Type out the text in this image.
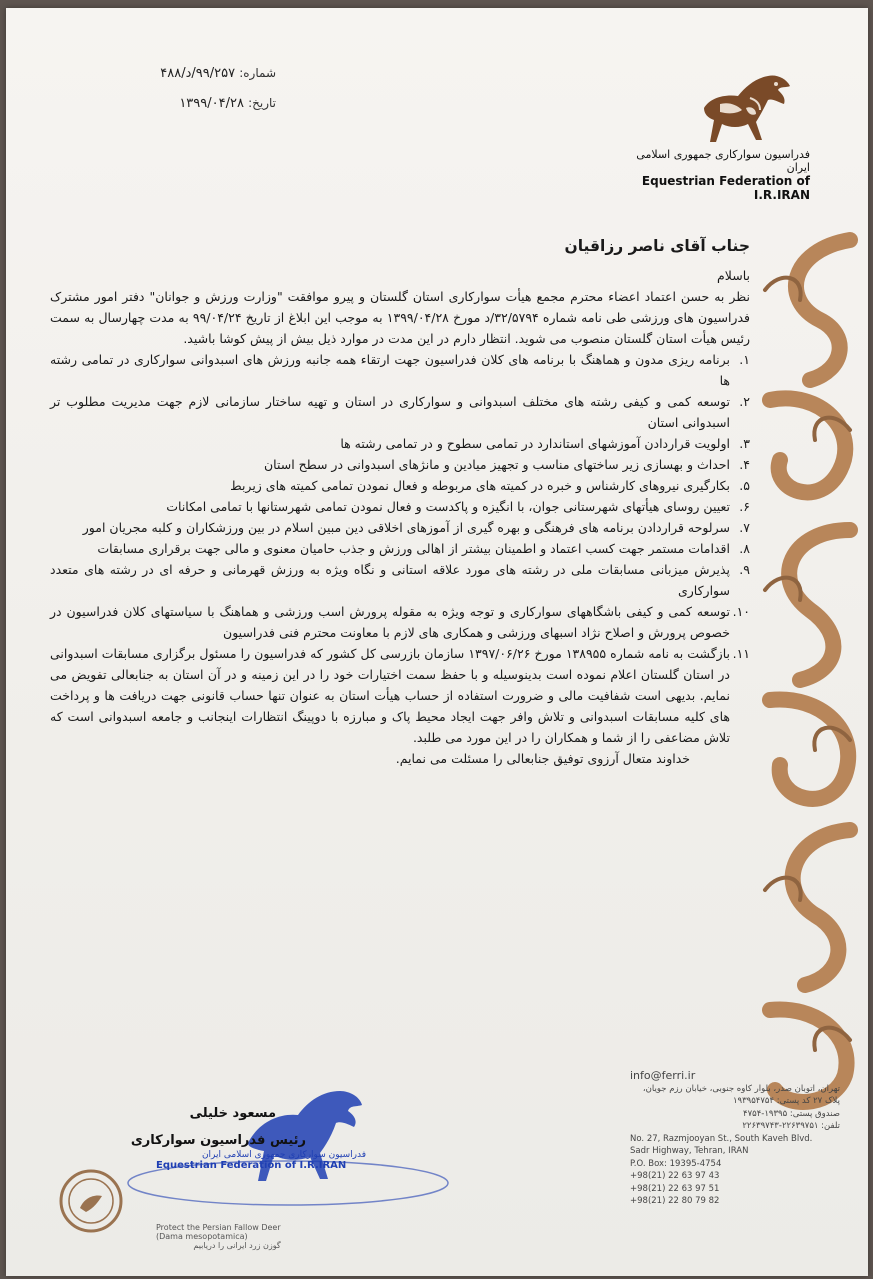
شماره: ۹۹/۲۵۷/د/۴۸۸
تاریخ: ۱۳۹۹/۰۴/۲۸
فدراسیون سوارکاری جمهوری اسلامی ایران
Equestrian Federation of I.R.IRAN
جناب آقای ناصر رزاقیان
باسلام
نظر به حسن اعتماد اعضاء محترم مجمع هیأت سوارکاری استان گلستان و پیرو موافقت "وزارت ورزش و جوانان" دفتر امور مشترک فدراسیون های ورزشی طی نامه شماره ۳۲/۵۷۹۴/د مورخ ۱۳۹۹/۰۴/۲۸ به موجب این ابلاغ از تاریخ ۹۹/۰۴/۲۴ به مدت چهارسال به سمت رئیس هیأت استان گلستان منصوب می شوید. انتظار دارم در این مدت در موارد ذیل بیش از پیش کوشا باشید.
۱.
برنامه ریزی مدون و هماهنگ با برنامه های کلان فدراسیون جهت ارتقاء همه جانبه ورزش های اسبدوانی سوارکاری در تمامی رشته ها
۲.
توسعه کمی و کیفی رشته های مختلف اسبدوانی و سوارکاری در استان و تهیه ساختار سازمانی لازم جهت مدیریت مطلوب تر اسبدوانی استان
۳.
اولویت قراردادن آموزشهای استاندارد در تمامی سطوح و در تمامی رشته ها
۴.
احداث و بهسازی زیر ساختهای مناسب و تجهیز میادین و مانژهای اسبدوانی در سطح استان
۵.
بکارگیری نیروهای کارشناس و خبره در کمیته های مربوطه و فعال نمودن تمامی کمیته های زیربط
۶.
تعیین روسای هیأتهای شهرستانی جوان، با انگیزه و پاکدست و فعال نمودن تمامی شهرستانها با تمامی امکانات
۷.
سرلوحه قراردادن برنامه های فرهنگی و بهره گیری از آموزهای اخلاقی دین مبین اسلام در بین ورزشکاران و کلبه مجریان امور
۸.
اقدامات مستمر جهت کسب اعتماد و اطمینان بیشتر از اهالی ورزش و جذب حامیان معنوی و مالی جهت برقراری مسابقات
۹.
پذیرش میزبانی مسابقات ملی در رشته های مورد علاقه استانی و نگاه ویژه به ورزش قهرمانی و حرفه ای در رشته های متعدد سوارکاری
۱۰.
توسعه کمی و کیفی باشگاههای سوارکاری و توجه ویژه به مقوله پرورش اسب ورزشی و هماهنگ با سیاستهای کلان فدراسیون در خصوص پرورش و اصلاح نژاد اسبهای ورزشی و همکاری های لازم با معاونت محترم فنی فدراسیون
۱۱.
بازگشت به نامه شماره ۱۳۸۹۵۵ مورخ ۱۳۹۷/۰۶/۲۶ سازمان بازرسی کل کشور که فدراسیون را مسئول برگزاری مسابقات اسبدوانی در استان گلستان اعلام نموده است بدینوسیله و با حفظ سمت اختیارات خود را در این زمینه و در آن استان به جنابعالی تفویض می نمایم. بدیهی است شفافیت مالی و ضرورت استفاده از حساب هیأت استان به عنوان تنها حساب قانونی جهت دریافت ها و پرداخت های کلیه مسابقات اسبدوانی و تلاش وافر جهت ایجاد محیط پاک و مبارزه با دوپینگ انتظارات اینجانب و جامعه اسبدوانی است که تلاش مضاعفی را از شما و همکاران را در این مورد می طلبد.
خداوند متعال آرزوی توفیق جنابعالی را مسئلت می نمایم.
info@ferri.ir
تهران، اتوبان صدر، بلوار کاوه جنوبی، خیابان رزم جویان، پلاک ۲۷ کد پستی: ۱۹۳۹۵۴۷۵۴
صندوق پستی: ۱۹۳۹۵-۴۷۵۴
تلفن: ۲۲۶۳۹۷۵۱-۲۲۶۳۹۷۴۳
No. 27, Razmjooyan St., South Kaveh Blvd.
Sadr Highway, Tehran, IRAN
P.O. Box: 19395-4754
+98(21) 22 63 97 43
+98(21) 22 63 97 51
+98(21) 22 80 79 82
مسعود خلیلی
رئیس فدراسیون سوارکاری
فدراسیون سوارکاری جمهوری اسلامی ایران
Equestrian Federation of I.R.IRAN
Protect the Persian Fallow Deer
(Dama mesopotamica)
گوزن زرد ایرانی را دریابیم
